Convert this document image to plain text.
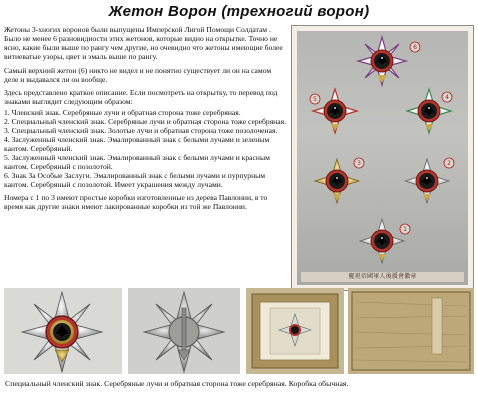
Жетон Ворон (трехногий ворон)

Жетоны 3-хногих воронов были выпущены Имперской Лигой Помощи Солдатам . Было не менее 6 разновидности этих жетонов, которые видно на открытке. Точно не ясно, какие были выше по рангу чем другие, но очевидно что жетоны имеющие более витиеватые узоры, цвет и эмаль выше по рангу.

Самый верхний жетон (6) никто не видел и не понятно существует ли он на самом деле и выдавался ли он вообще.

Здесь представлено краткое описание. Если посмотреть на открытку, то перевод под знаками выглядит следующим образом:

1. Членский знак. Серебряные лучи и обратная сторона тоже серебряная.
2. Специальный членский знак. Серебряные лучи и обратная сторона тоже серебряная.
3. Специальный членский знак. Золотые лучи и обратная сторона тоже позолоченая.
4. Заслуженный членский знак. Эмалированный знак с белыми лучами и зеленым кантом. Серебряный.
5. Заслуженный членский знак. Эмалированный знак с белыми лучами и красным кантом. Серебряный с позолотой.
6. Знак За Особые Заслуги. Эмалированный знак с белыми лучами и пурпурным кантом. Серебряный с позолотой. Имеет украшения между лучами.

Номера с 1 по 3 имеют простые коробки изготовленные из дерева Павлонии, в то время как другие знаки имеют лакированные коробки из той же Павлонии.

6
5	4
3	2
1
慶祝帝國軍人後援會徽章
Специальный членский знак. Серебряные лучи и обратная сторона тоже серебряная. Коробка обычная.
